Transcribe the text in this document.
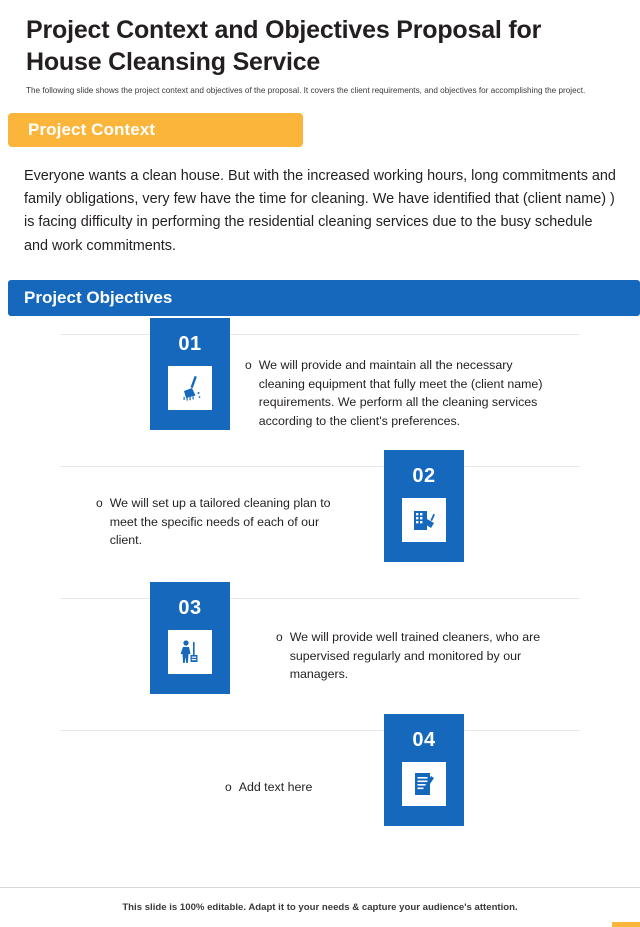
Project Context and Objectives Proposal for House Cleansing Service

The following slide shows the project context and objectives of the proposal. It covers the client requirements, and objectives for accomplishing the project.

Project Context
Everyone wants a clean house. But with the increased working hours, long commitments and family obligations, very few have the time for cleaning. We have identified that (client name) ) is facing difficulty in performing the residential cleaning services due to the busy schedule and work commitments.
Project Objectives
01
o We will provide and maintain all the necessary cleaning equipment that fully meet the (client name) requirements. We perform all the cleaning services according to the client's preferences.
02
o We will set up a tailored cleaning plan to meet the specific needs of each of our client.
03
o We will provide well trained cleaners, who are supervised regularly and monitored by our managers.
04
o Add text here
This slide is 100% editable. Adapt it to your needs & capture your audience's attention.
